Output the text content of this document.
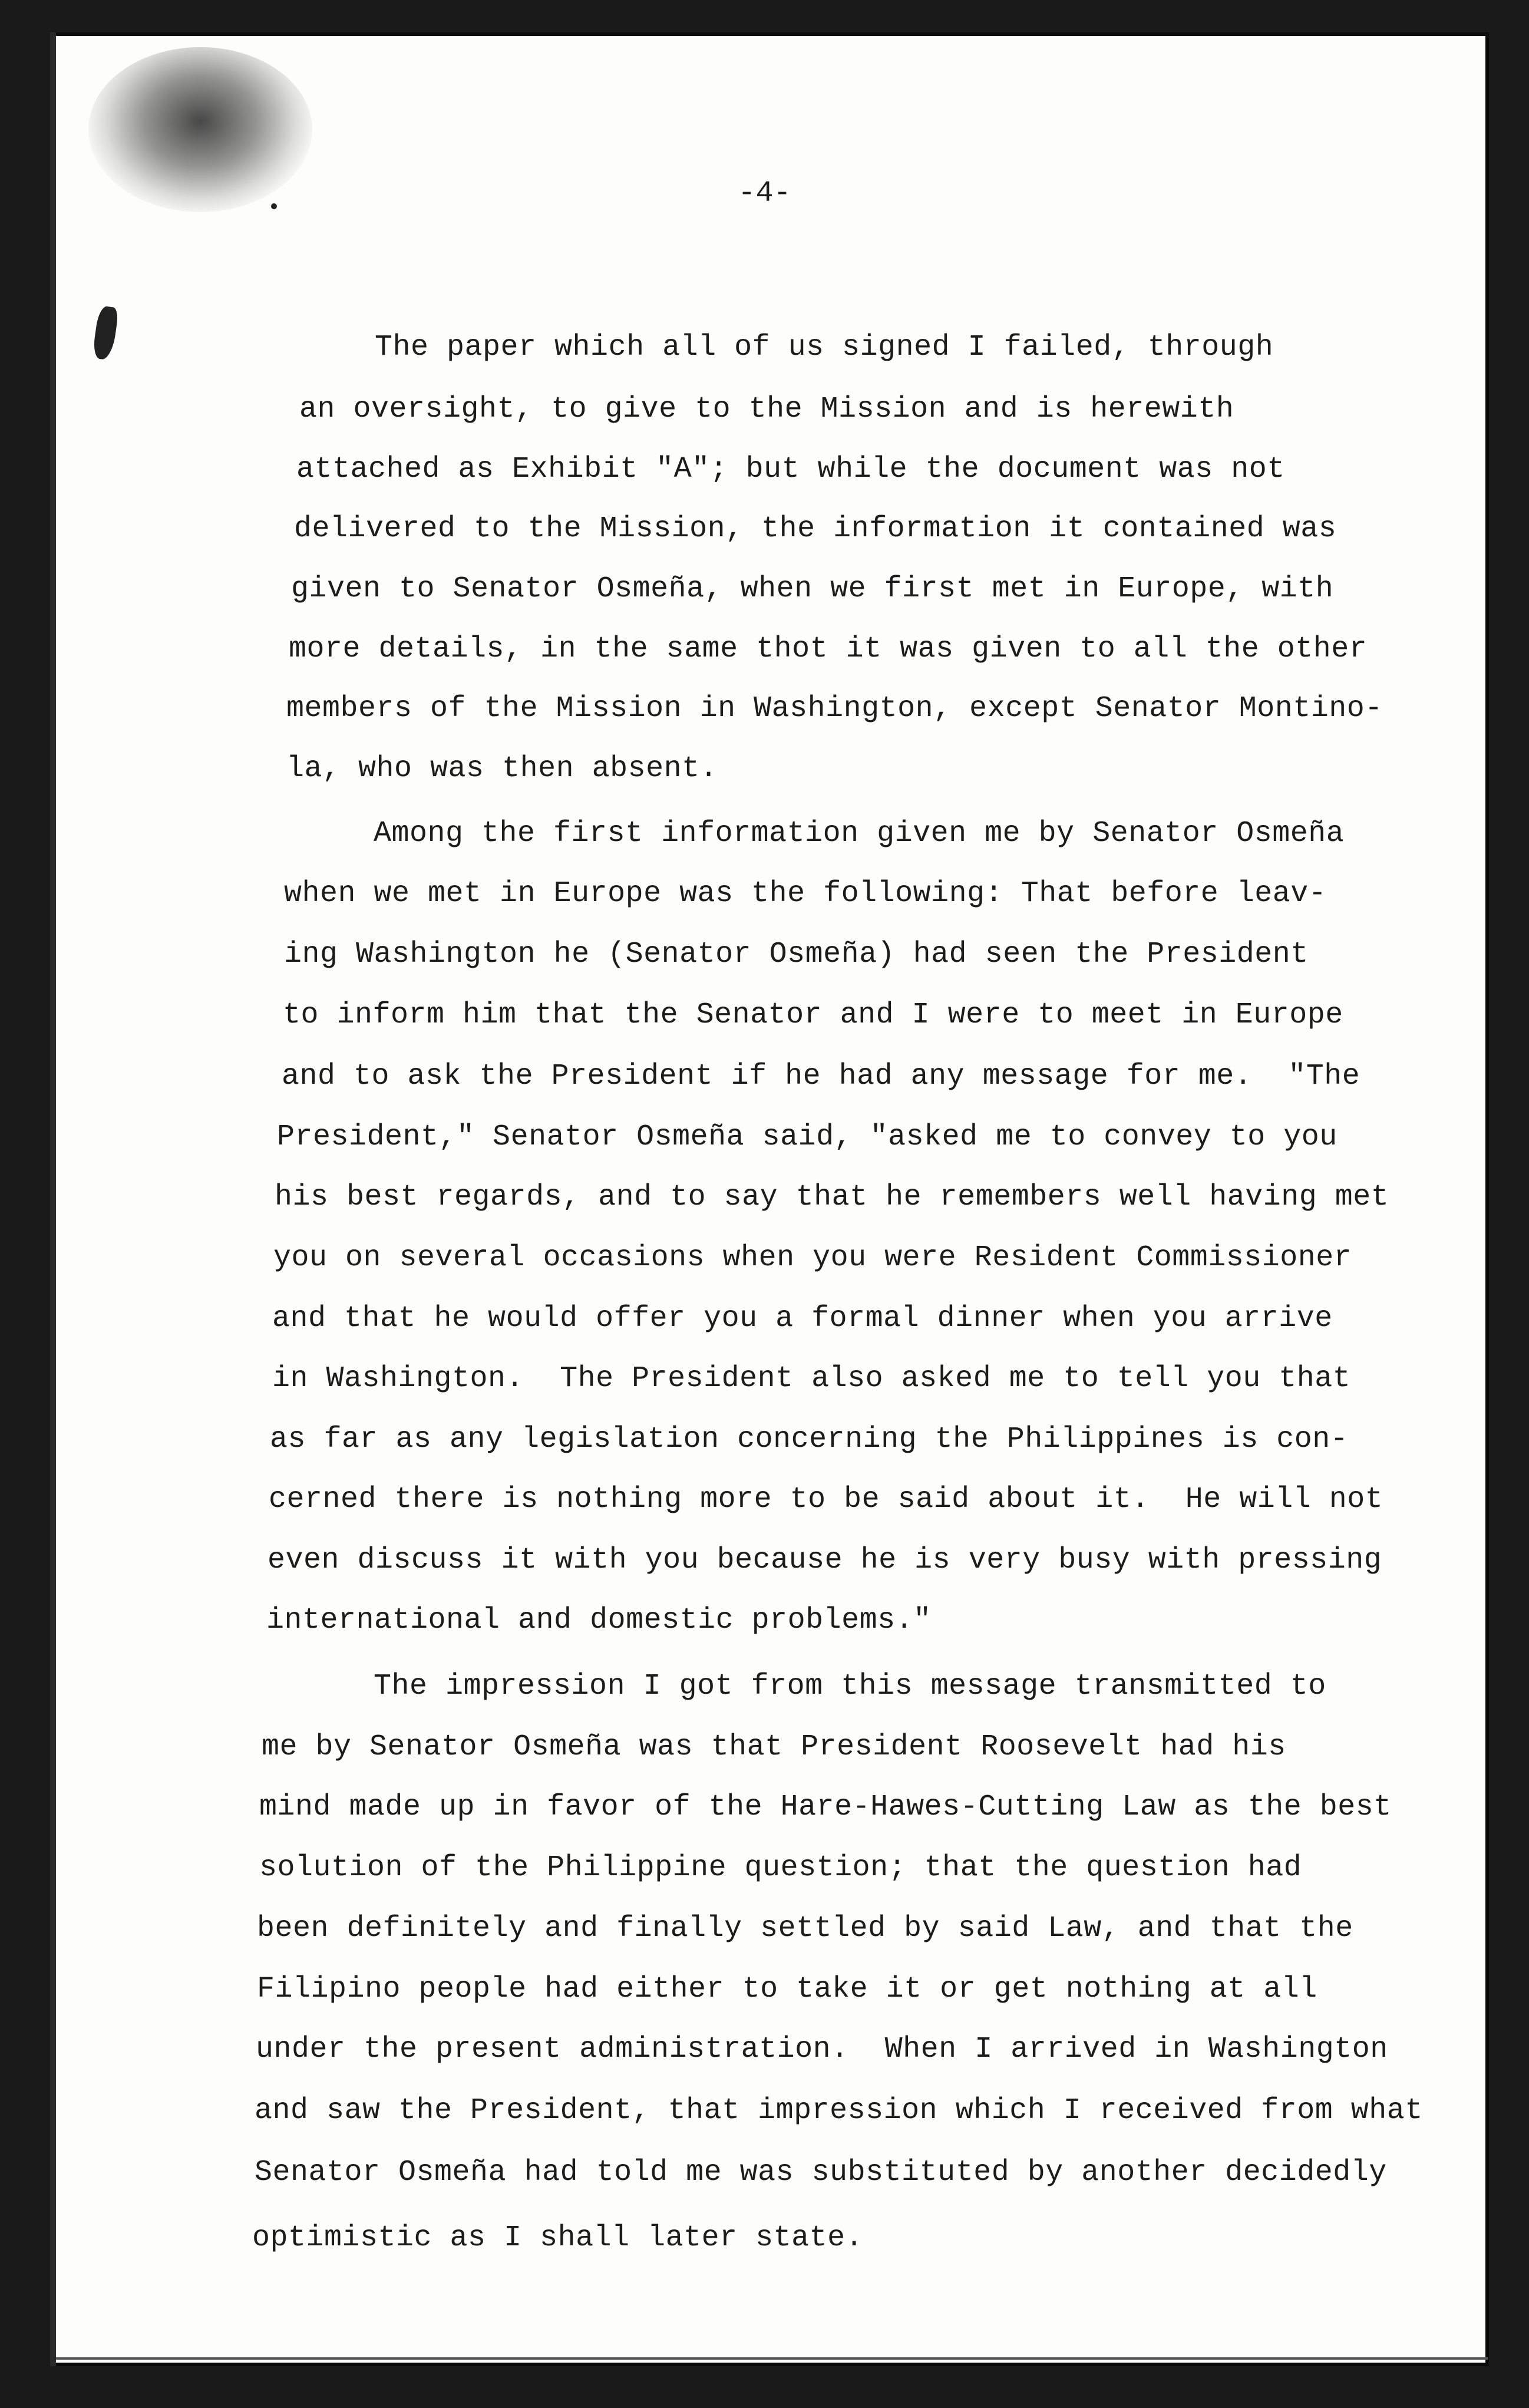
-4-
The paper which all of us signed I failed, through
an oversight, to give to the Mission and is herewith
attached as Exhibit "A"; but while the document was not
delivered to the Mission, the information it contained was
given to Senator Osmeña, when we first met in Europe, with
more details, in the same thot it was given to all the other
members of the Mission in Washington, except Senator Montino-
la, who was then absent.
Among the first information given me by Senator Osmeña
when we met in Europe was the following: That before leav-
ing Washington he (Senator Osmeña) had seen the President
to inform him that the Senator and I were to meet in Europe
and to ask the President if he had any message for me.  "The
President," Senator Osmeña said, "asked me to convey to you
his best regards, and to say that he remembers well having met
you on several occasions when you were Resident Commissioner
and that he would offer you a formal dinner when you arrive
in Washington.  The President also asked me to tell you that
as far as any legislation concerning the Philippines is con-
cerned there is nothing more to be said about it.  He will not
even discuss it with you because he is very busy with pressing
international and domestic problems."
The impression I got from this message transmitted to
me by Senator Osmeña was that President Roosevelt had his
mind made up in favor of the Hare-Hawes-Cutting Law as the best
solution of the Philippine question; that the question had
been definitely and finally settled by said Law, and that the
Filipino people had either to take it or get nothing at all
under the present administration.  When I arrived in Washington
and saw the President, that impression which I received from what
Senator Osmeña had told me was substituted by another decidedly
optimistic as I shall later state.
